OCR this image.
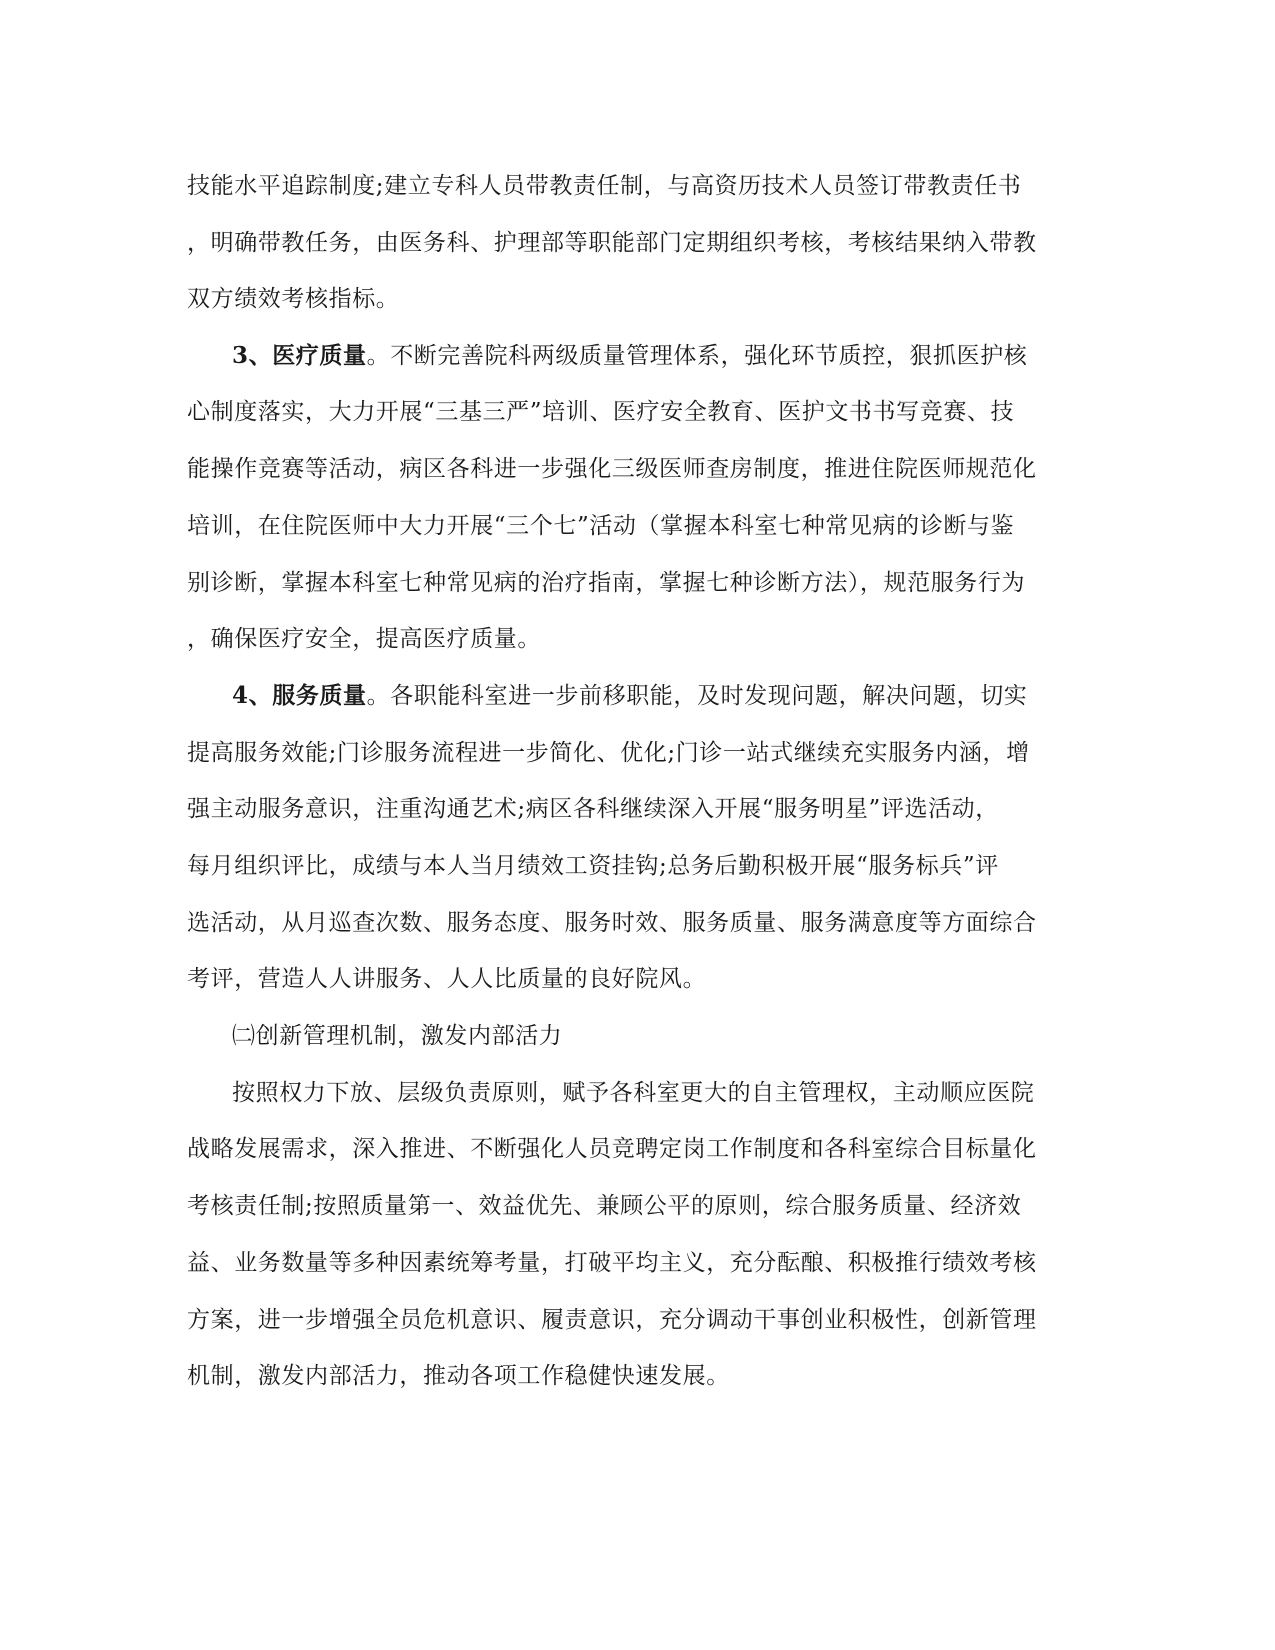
技能水平追踪制度;建立专科人员带教责任制，与高资历技术人员签订带教责任书
，明确带教任务，由医务科、护理部等职能部门定期组织考核，考核结果纳入带教
双方绩效考核指标。
3、医疗质量。不断完善院科两级质量管理体系，强化环节质控，狠抓医护核
心制度落实，大力开展“三基三严”培训、医疗安全教育、医护文书书写竞赛、技
能操作竞赛等活动，病区各科进一步强化三级医师查房制度，推进住院医师规范化
培训，在住院医师中大力开展“三个七”活动（掌握本科室七种常见病的诊断与鉴
别诊断，掌握本科室七种常见病的治疗指南，掌握七种诊断方法），规范服务行为
，确保医疗安全，提高医疗质量。
4、服务质量。各职能科室进一步前移职能，及时发现问题，解决问题，切实
提高服务效能;门诊服务流程进一步简化、优化;门诊一站式继续充实服务内涵，增
强主动服务意识，注重沟通艺术;病区各科继续深入开展“服务明星”评选活动，
每月组织评比，成绩与本人当月绩效工资挂钩;总务后勤积极开展“服务标兵”评
选活动，从月巡查次数、服务态度、服务时效、服务质量、服务满意度等方面综合
考评，营造人人讲服务、人人比质量的良好院风。
㈡创新管理机制，激发内部活力
按照权力下放、层级负责原则，赋予各科室更大的自主管理权，主动顺应医院
战略发展需求，深入推进、不断强化人员竞聘定岗工作制度和各科室综合目标量化
考核责任制;按照质量第一、效益优先、兼顾公平的原则，综合服务质量、经济效
益、业务数量等多种因素统筹考量，打破平均主义，充分酝酿、积极推行绩效考核
方案，进一步增强全员危机意识、履责意识，充分调动干事创业积极性，创新管理
机制，激发内部活力，推动各项工作稳健快速发展。
